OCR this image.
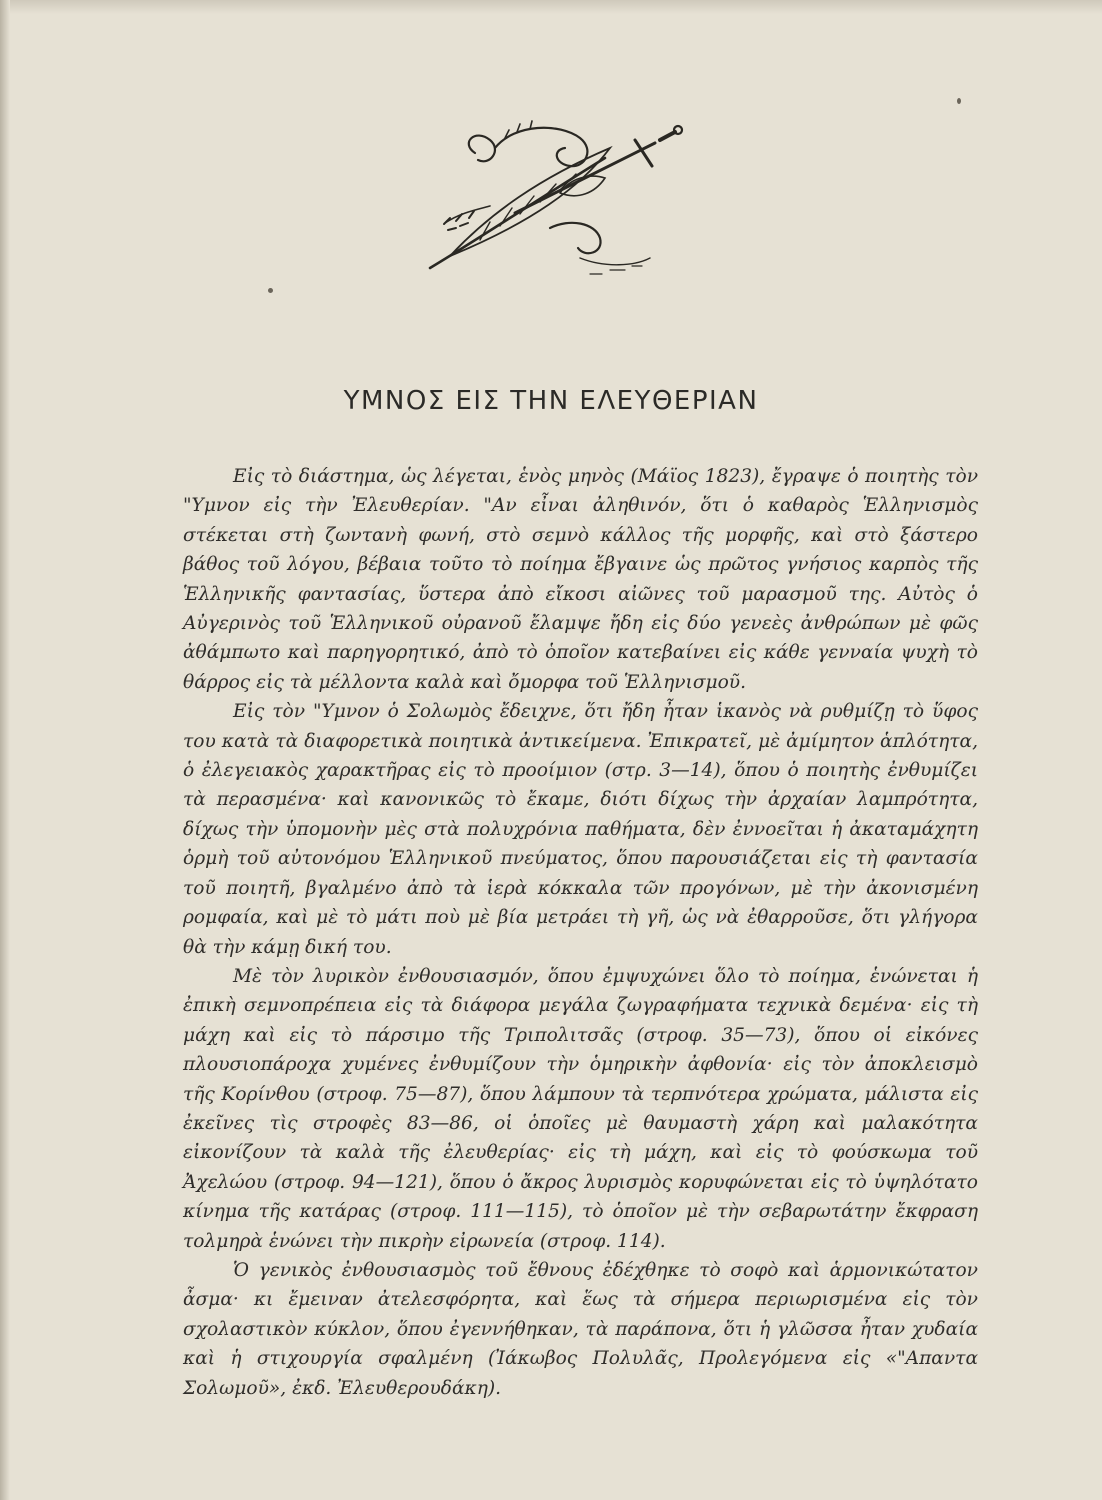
ΥΜΝΟΣ ΕΙΣ ΤΗΝ ΕΛΕΥΘΕΡΙΑΝ

Εἰς τὸ διάστημα, ὡς λέγεται, ἑνὸς μηνὸς (Μάϊος 1823), ἔγραψε ὁ ποιητὴς τὸν "Υμνον εἰς τὴν Ἐλευθερίαν. "Αν εἶναι ἀληθινόν, ὅτι ὁ καθαρὸς Ἑλληνισμὸς στέκεται στὴ ζωντανὴ φωνή, στὸ σεμνὸ κάλλος τῆς μορφῆς, καὶ στὸ ξάστερο βάθος τοῦ λόγου, βέβαια τοῦτο τὸ ποίημα ἔβγαινε ὡς πρῶτος γνήσιος καρπὸς τῆς Ἑλληνικῆς φαντασίας, ὕστερα ἀπὸ εἴκοσι αἰῶνες τοῦ μαρασμοῦ της. Αὐτὸς ὁ Αὐγερινὸς τοῦ Ἑλληνικοῦ οὐρανοῦ ἔλαμψε ἤδη εἰς δύο γενεὲς ἀνθρώπων μὲ φῶς ἀθάμπωτο καὶ παρηγορητικό, ἀπὸ τὸ ὁποῖον κατεβαίνει εἰς κάθε γενναία ψυχὴ τὸ θάρρος εἰς τὰ μέλλοντα καλὰ καὶ ὄμορφα τοῦ Ἑλληνισμοῦ.

Εἰς τὸν "Υμνον ὁ Σολωμὸς ἔδειχνε, ὅτι ἤδη ἦταν ἱκανὸς νὰ ρυθμίζῃ τὸ ὕφος του κατὰ τὰ διαφορετικὰ ποιητικὰ ἀντικείμενα. Ἐπικρατεῖ, μὲ ἀμίμητον ἁπλότητα, ὁ ἐλεγειακὸς χαρακτῆρας εἰς τὸ προοίμιον (στρ. 3—14), ὅπου ὁ ποιητὴς ἐνθυμίζει τὰ περασμένα· καὶ κανονικῶς τὸ ἔκαμε, διότι δίχως τὴν ἀρχαίαν λαμπρότητα, δίχως τὴν ὑπομονὴν μὲς στὰ πολυχρόνια παθήματα, δὲν ἐννοεῖται ἡ ἀκαταμάχητη ὁρμὴ τοῦ αὐτονόμου Ἑλληνικοῦ πνεύματος, ὅπου παρουσιάζεται εἰς τὴ φαντασία τοῦ ποιητῆ, βγαλμένο ἀπὸ τὰ ἱερὰ κόκκαλα τῶν προγόνων, μὲ τὴν ἀκονισμένη ρομφαία, καὶ μὲ τὸ μάτι ποὺ μὲ βία μετράει τὴ γῆ, ὡς νὰ ἐθαρροῦσε, ὅτι γλήγορα θὰ τὴν κάμῃ δική του.

Μὲ τὸν λυρικὸν ἐνθουσιασμόν, ὅπου ἐμψυχώνει ὅλο τὸ ποίημα, ἑνώνεται ἡ ἐπικὴ σεμνοπρέπεια εἰς τὰ διάφορα μεγάλα ζωγραφήματα τεχνικὰ δεμένα· εἰς τὴ μάχη καὶ εἰς τὸ πάρσιμο τῆς Τριπολιτσᾶς (στροφ. 35—73), ὅπου οἱ εἰκόνες πλουσιοπάροχα χυμένες ἐνθυμίζουν τὴν ὁμηρικὴν ἀφθονία· εἰς τὸν ἀποκλεισμὸ τῆς Κορίνθου (στροφ. 75—87), ὅπου λάμπουν τὰ τερπνότερα χρώματα, μάλιστα εἰς ἐκεῖνες τὶς στροφὲς 83—86, οἱ ὁποῖες μὲ θαυμαστὴ χάρη καὶ μαλακότητα εἰκονίζουν τὰ καλὰ τῆς ἐλευθερίας· εἰς τὴ μάχη, καὶ εἰς τὸ φούσκωμα τοῦ Ἀχελώου (στροφ. 94—121), ὅπου ὁ ἄκρος λυρισμὸς κορυφώνεται εἰς τὸ ὑψηλότατο κίνημα τῆς κατάρας (στροφ. 111—115), τὸ ὁποῖον μὲ τὴν σεβαρωτάτην ἔκφραση τολμηρὰ ἑνώνει τὴν πικρὴν εἰρωνεία (στροφ. 114).

Ὁ γενικὸς ἐνθουσιασμὸς τοῦ ἔθνους ἐδέχθηκε τὸ σοφὸ καὶ ἁρμονικώτατον ἆσμα· κι ἔμειναν ἀτελεσφόρητα, καὶ ἕως τὰ σήμερα περιωρισμένα εἰς τὸν σχολαστικὸν κύκλον, ὅπου ἐγεννήθηκαν, τὰ παράπονα, ὅτι ἡ γλῶσσα ἦταν χυδαία καὶ ἡ στιχουργία σφαλμένη (Ἰάκωβος Πολυλᾶς, Προλεγόμενα εἰς «"Απαντα Σολωμοῦ», ἐκδ. Ἐλευθερουδάκη).
